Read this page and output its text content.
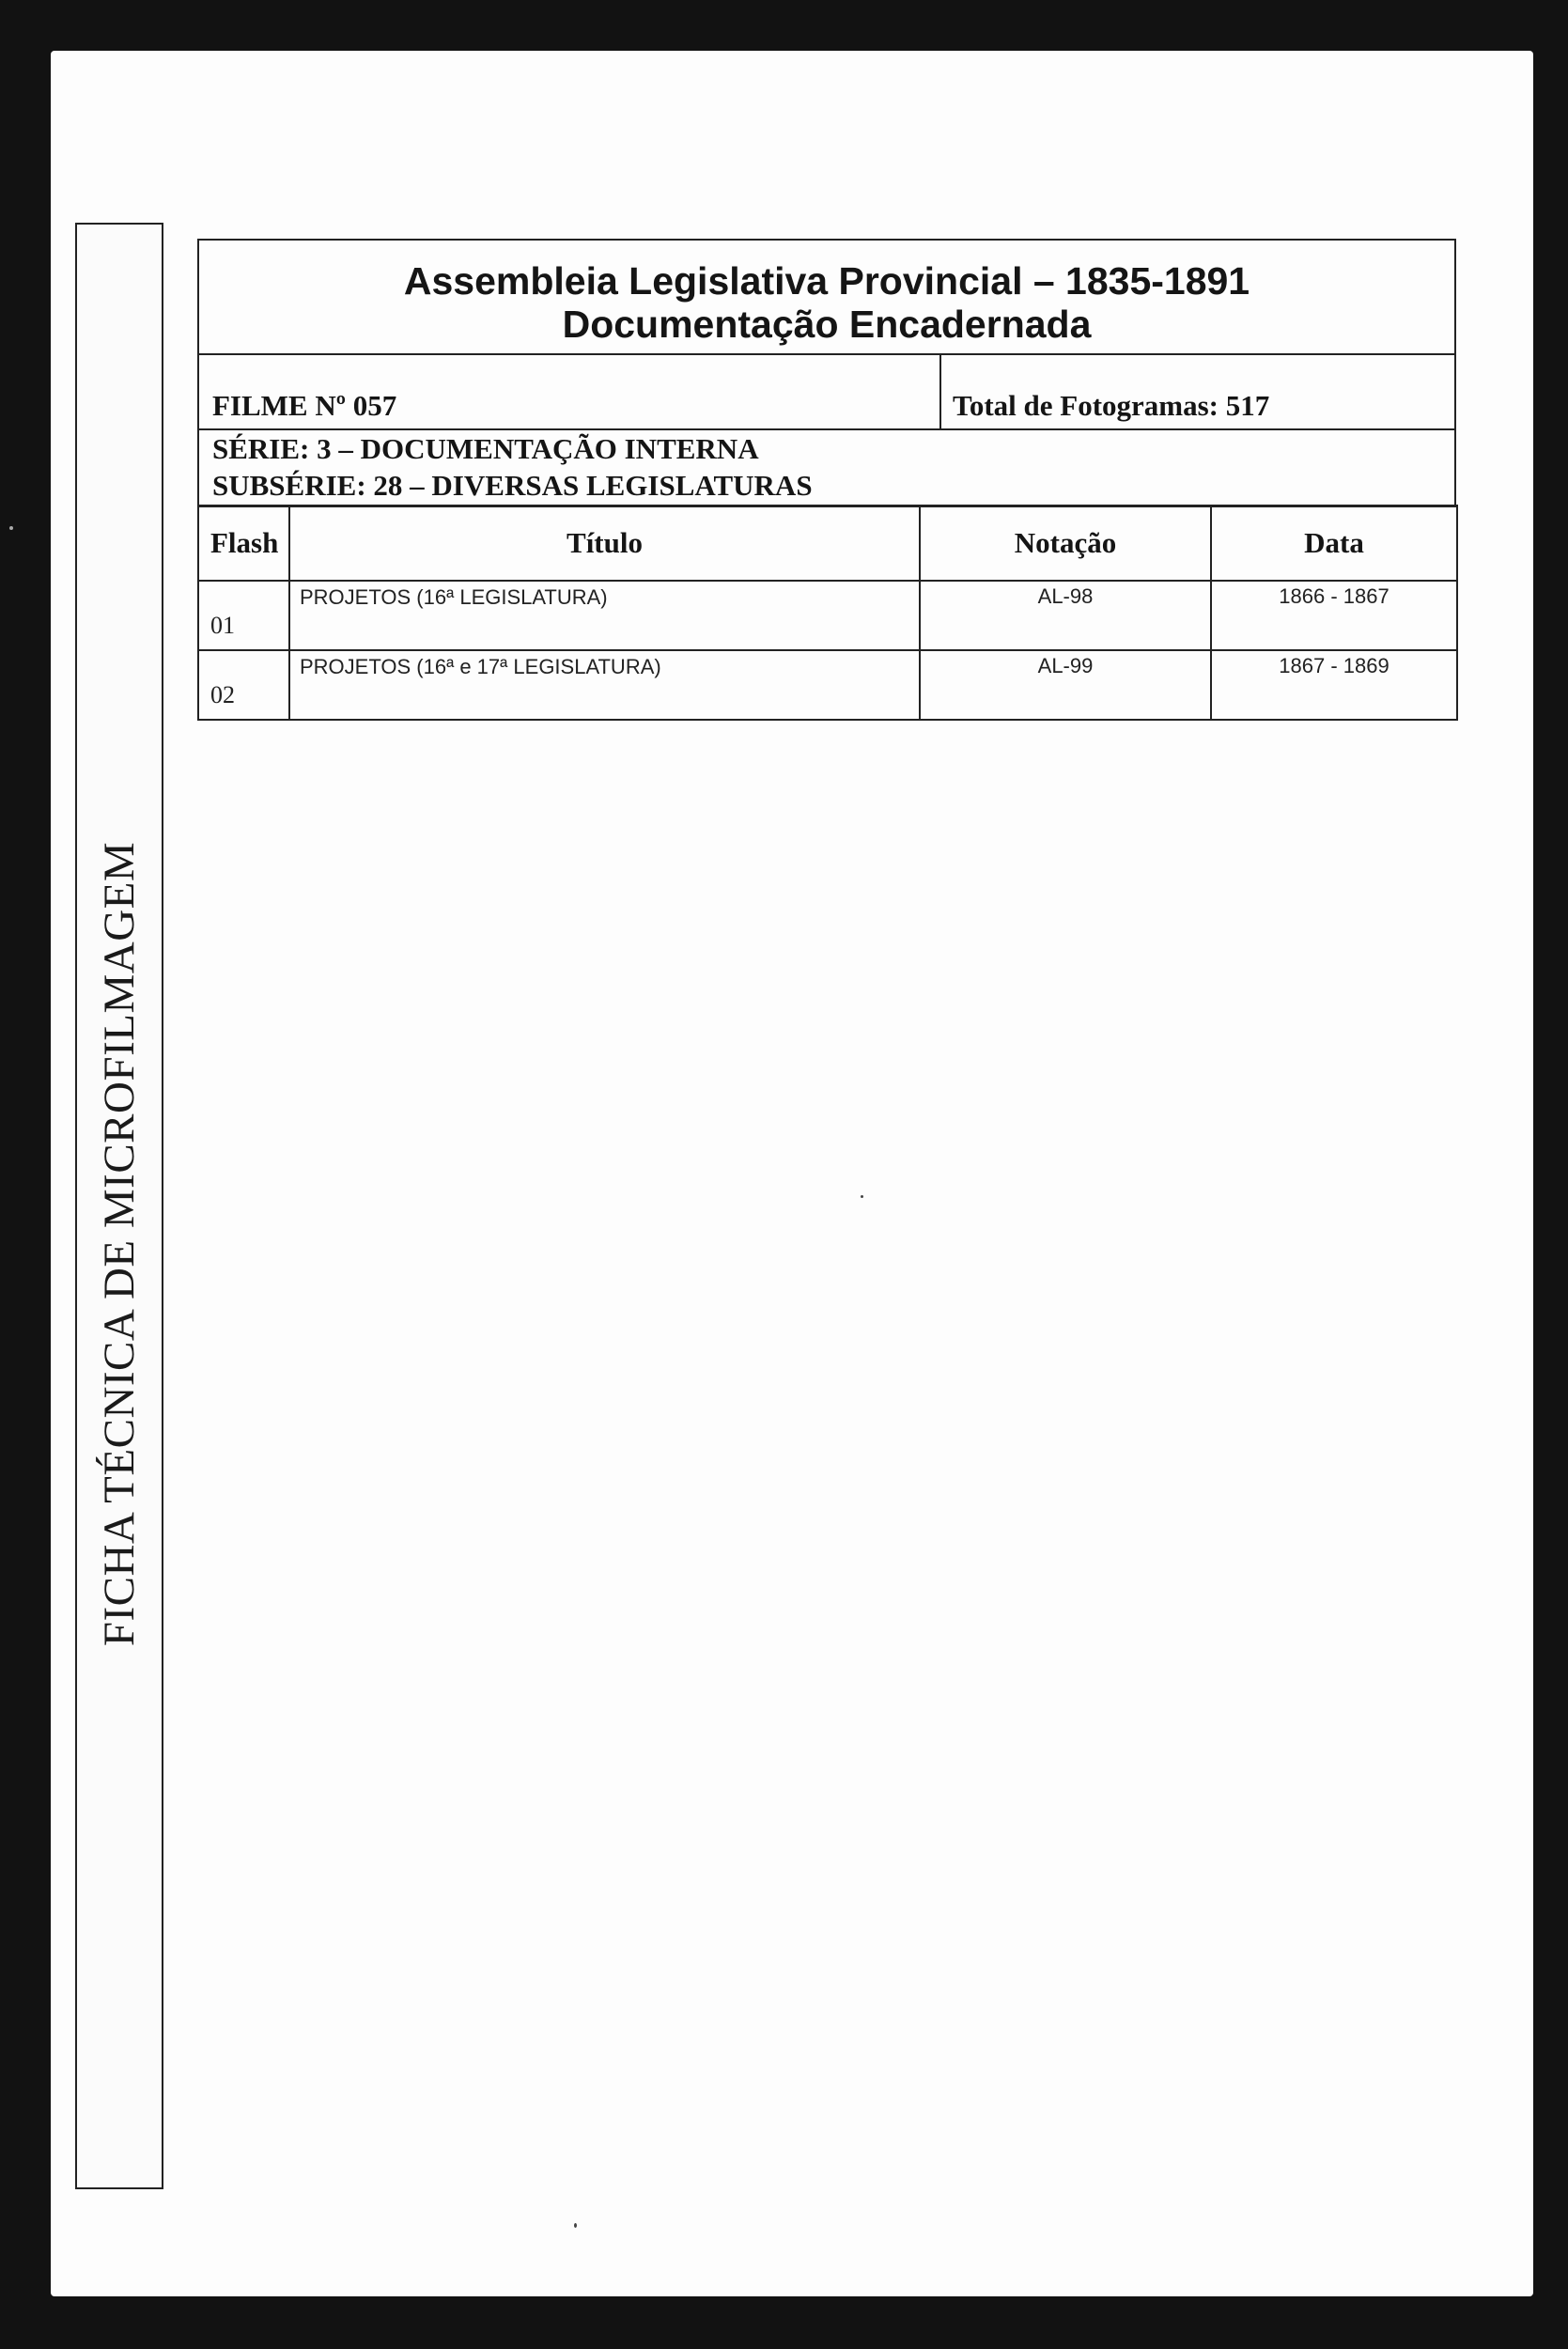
FICHA TÉCNICA DE MICROFILMAGEM
Assembleia Legislativa Provincial – 1835-1891
Documentação Encadernada
FILME Nº 057	Total de Fotogramas: 517
SÉRIE: 3 – DOCUMENTAÇÃO INTERNA
SUBSÉRIE: 28 – DIVERSAS LEGISLATURAS
Flash	Título	Notação	Data

01	PROJETOS (16ª LEGISLATURA)	AL-98	1866 - 1867

02	PROJETOS (16ª e 17ª LEGISLATURA)	AL-99	1867 - 1869
